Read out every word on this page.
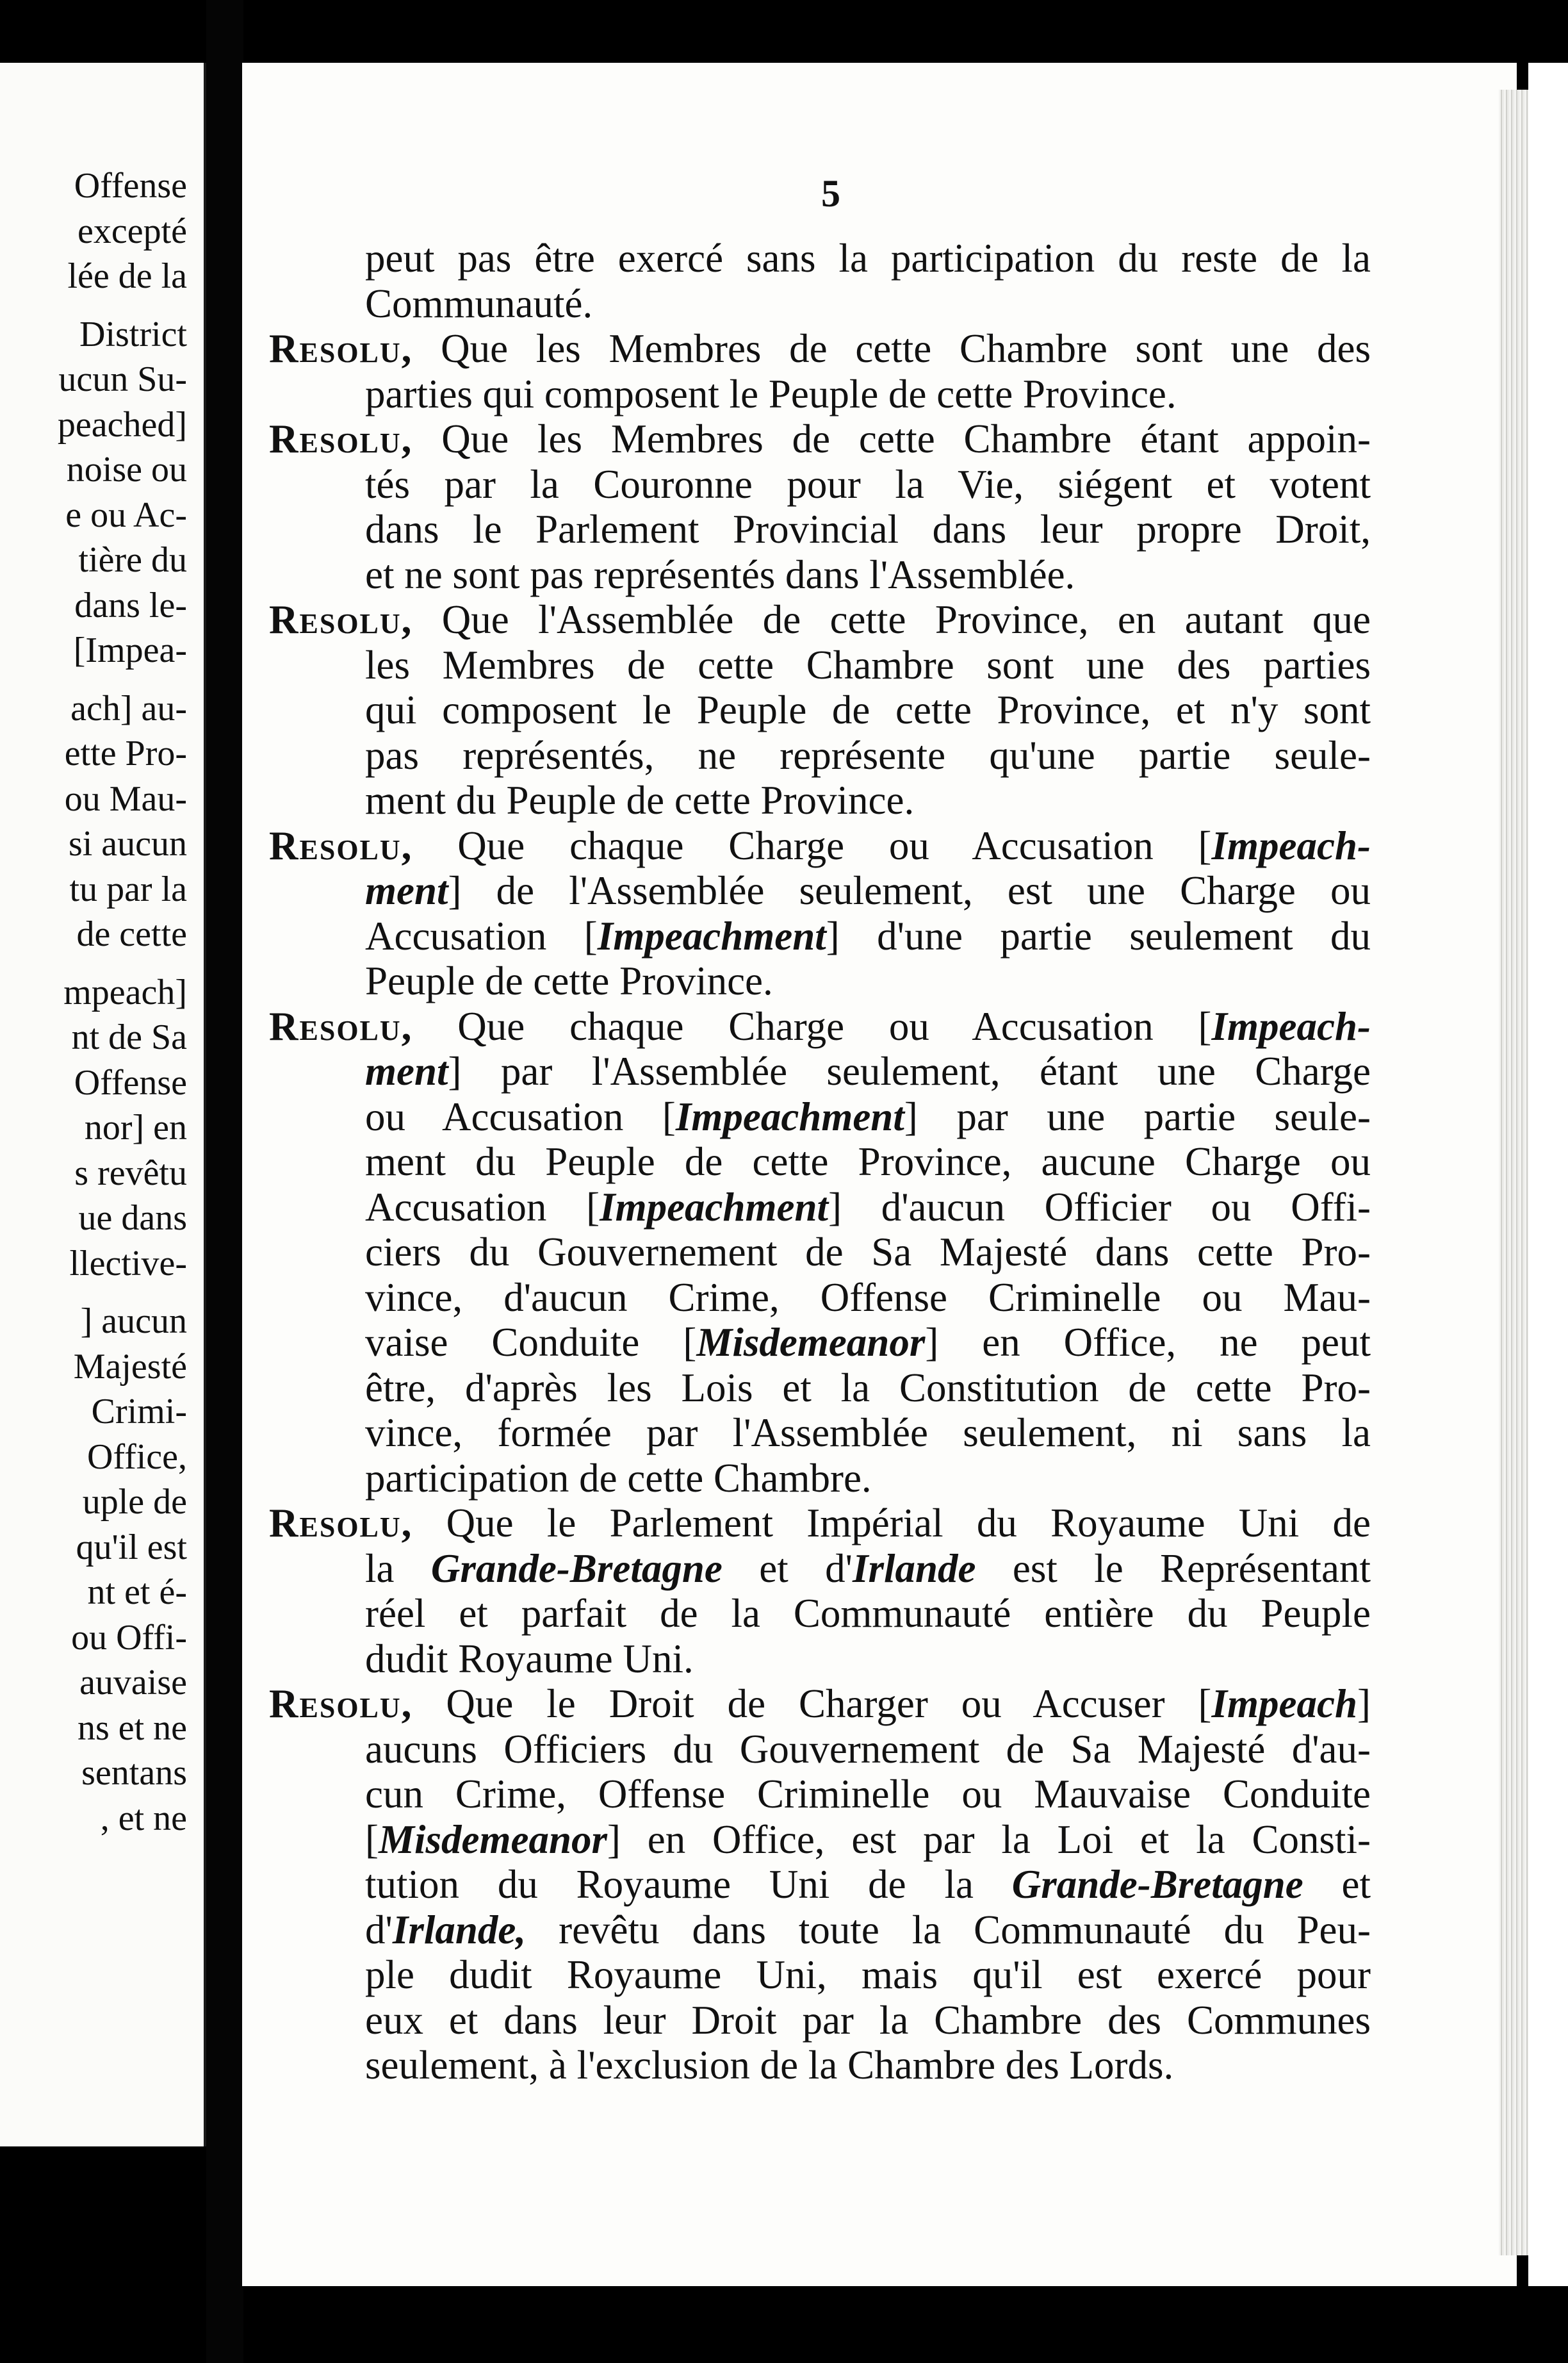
Offense
excepté
lée de la
District
ucun Su-
peached]
noise ou
e ou Ac-
tière du
dans le-
[Impea-
ach] au-
ette Pro-
ou Mau-
si aucun
tu par la
de cette
mpeach]
nt de Sa
Offense
nor] en
s revêtu
ue dans
llective-
] aucun
Majesté
Crimi-
Office,
uple de
qu'il est
nt et é-
ou Offi-
auvaise
ns et ne
sentans
, et ne
5
peut pas être exercé sans la participation du reste de la
Communauté.
Resolu, Que les Membres de cette Chambre sont une des
parties qui composent le Peuple de cette Province.
Resolu, Que les Membres de cette Chambre étant appoin-
tés par la Couronne pour la Vie, siégent et votent
dans le Parlement Provincial dans leur propre Droit,
et ne sont pas représentés dans l'Assemblée.
Resolu, Que l'Assemblée de cette Province, en autant que
les Membres de cette Chambre sont une des parties
qui composent le Peuple de cette Province, et n'y sont
pas représentés, ne représente qu'une partie seule-
ment du Peuple de cette Province.
Resolu, Que chaque Charge ou Accusation [Impeach-
ment] de l'Assemblée seulement, est une Charge ou
Accusation [Impeachment] d'une partie seulement du
Peuple de cette Province.
Resolu, Que chaque Charge ou Accusation [Impeach-
ment] par l'Assemblée seulement, étant une Charge
ou Accusation [Impeachment] par une partie seule-
ment du Peuple de cette Province, aucune Charge ou
Accusation [Impeachment] d'aucun Officier ou Offi-
ciers du Gouvernement de Sa Majesté dans cette Pro-
vince, d'aucun Crime, Offense Criminelle ou Mau-
vaise Conduite [Misdemeanor] en Office, ne peut
être, d'après les Lois et la Constitution de cette Pro-
vince, formée par l'Assemblée seulement, ni sans la
participation de cette Chambre.
Resolu, Que le Parlement Impérial du Royaume Uni de
la Grande-Bretagne et d'Irlande est le Représentant
réel et parfait de la Communauté entière du Peuple
dudit Royaume Uni.
Resolu, Que le Droit de Charger ou Accuser [Impeach]
aucuns Officiers du Gouvernement de Sa Majesté d'au-
cun Crime, Offense Criminelle ou Mauvaise Conduite
[Misdemeanor] en Office, est par la Loi et la Consti-
tution du Royaume Uni de la Grande-Bretagne et
d'Irlande, revêtu dans toute la Communauté du Peu-
ple dudit Royaume Uni, mais qu'il est exercé pour
eux et dans leur Droit par la Chambre des Communes
seulement, à l'exclusion de la Chambre des Lords.
